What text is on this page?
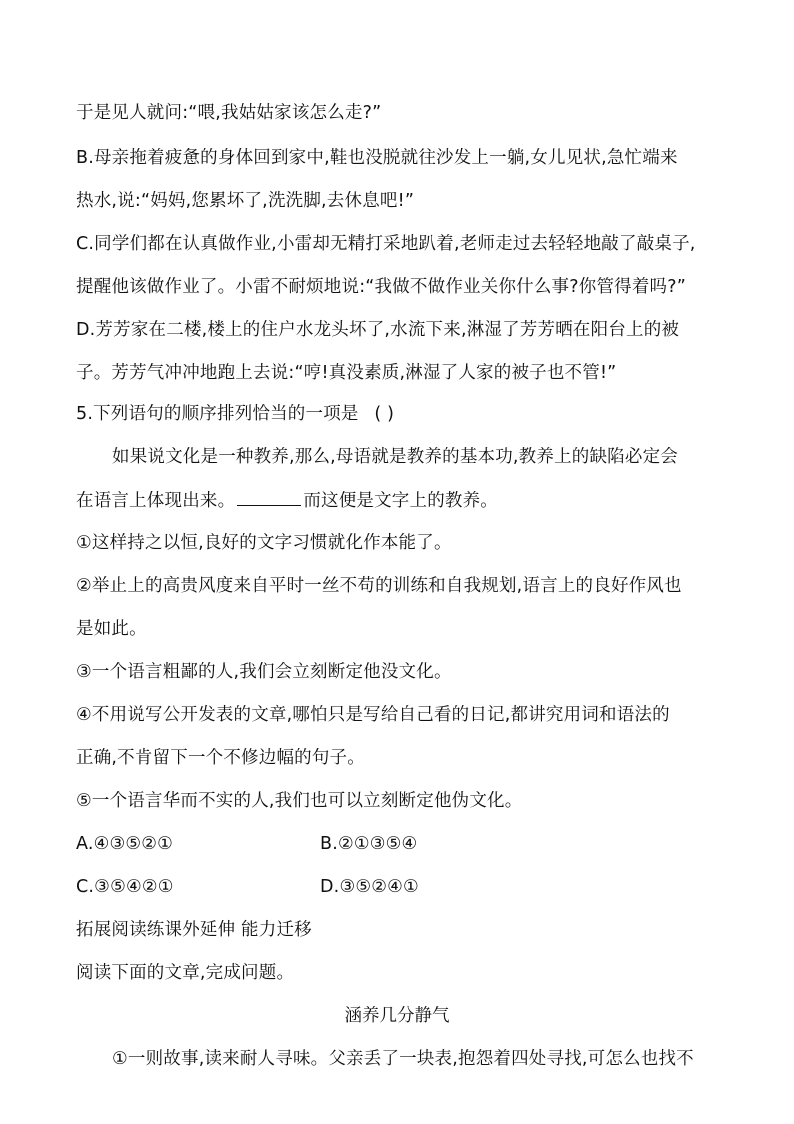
于是见人就问:“喂,我姑姑家该怎么走?”
B.母亲拖着疲惫的身体回到家中,鞋也没脱就往沙发上一躺,女儿见状,急忙端来
热水,说:“妈妈,您累坏了,洗洗脚,去休息吧!”
C.同学们都在认真做作业,小雷却无精打采地趴着,老师走过去轻轻地敲了敲桌子,
提醒他该做作业了。小雷不耐烦地说:“我做不做作业关你什么事?你管得着吗?”
D.芳芳家在二楼,楼上的住户水龙头坏了,水流下来,淋湿了芳芳晒在阳台上的被
子。芳芳气冲冲地跑上去说:“哼!真没素质,淋湿了人家的被子也不管!”
5.下列语句的顺序排列恰当的一项是 ( )
如果说文化是一种教养,那么,母语就是教养的基本功,教养上的缺陷必定会
在语言上体现出来。	而这便是文字上的教养。
①这样持之以恒,良好的文字习惯就化作本能了。
②举止上的高贵风度来自平时一丝不苟的训练和自我规划,语言上的良好作风也
是如此。
③一个语言粗鄙的人,我们会立刻断定他没文化。
④不用说写公开发表的文章,哪怕只是写给自己看的日记,都讲究用词和语法的
正确,不肯留下一个不修边幅的句子。
⑤一个语言华而不实的人,我们也可以立刻断定他伪文化。
A.④③⑤②①	B.②①③⑤④
C.③⑤④②①	D.③⑤②④①
拓展阅读练课外延伸 能力迁移
阅读下面的文章,完成问题。
涵养几分静气
①一则故事,读来耐人寻味。父亲丢了一块表,抱怨着四处寻找,可怎么也找不
